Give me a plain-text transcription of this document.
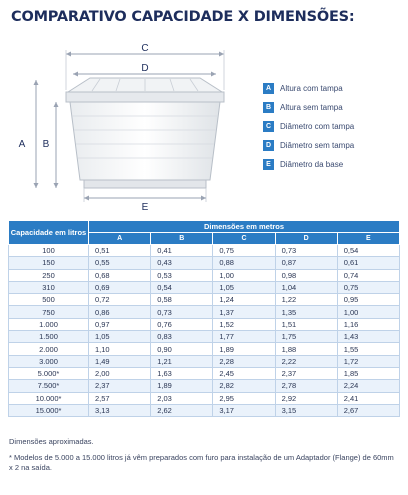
COMPARATIVO CAPACIDADE X DIMENSÕES:
C
D
A B
E
A	Altura com tampa
B	Altura sem tampa
C	Diâmetro com tampa
D	Diâmetro sem tampa
E	Diâmetro da base
Capacidade em litros	Dimensões em metros				
	A	B	C	D	E
100	0,51	0,41	0,75	0,73	0,54
150	0,55	0,43	0,88	0,87	0,61
250	0,68	0,53	1,00	0,98	0,74
310	0,69	0,54	1,05	1,04	0,75
500	0,72	0,58	1,24	1,22	0,95
750	0,86	0,73	1,37	1,35	1,00
1.000	0,97	0,76	1,52	1,51	1,16
1.500	1,05	0,83	1,77	1,75	1,43
2.000	1,10	0,90	1,89	1,88	1,55
3.000	1,49	1,21	2,28	2,22	1,72
5.000*	2,00	1,63	2,45	2,37	1,85
7.500*	2,37	1,89	2,82	2,78	2,24
10.000*	2,57	2,03	2,95	2,92	2,41
15.000*	3,13	2,62	3,17	3,15	2,67

Dimensões aproximadas.

* Modelos de 5.000 a 15.000 litros já vêm preparados com furo para instalação de um Adaptador (Flange) de 60mm x 2 na saída.
